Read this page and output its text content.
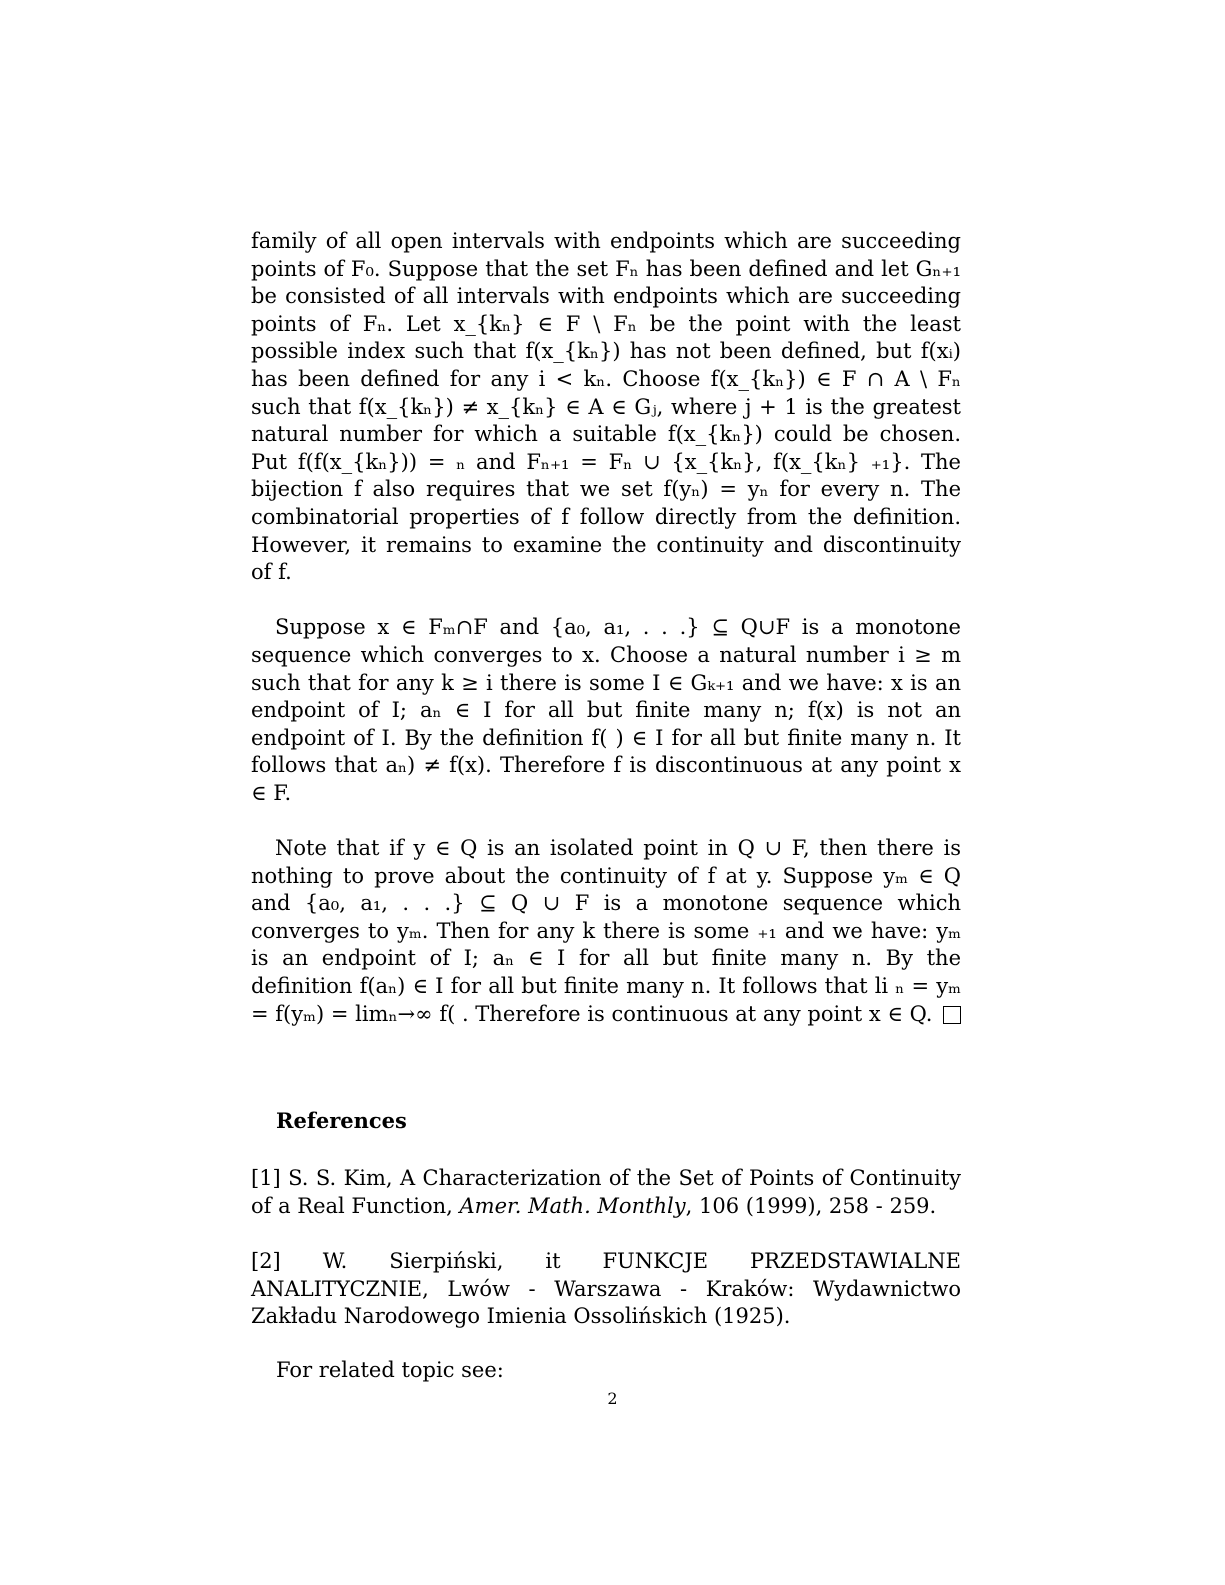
family of all open intervals with endpoints which are succeeding points of F₀. Suppose that the set Fₙ has been defined and let Gₙ₊₁ be consisted of all intervals with endpoints which are succeeding points of Fₙ. Let x_{kₙ} ∈ F \ Fₙ be the point with the least possible index such that f(x_{kₙ}) has not been defined, but f(xᵢ) has been defined for any i < kₙ. Choose f(x_{kₙ}) ∈ F ∩ A \ Fₙ such that f(x_{kₙ}) ≠ x_{kₙ} ∈ A ∈ Gⱼ, where j + 1 is the greatest natural number for which a suitable f(x_{kₙ}) could be chosen. Put f(f(x_{kₙ})) = ₙ and Fₙ₊₁ = Fₙ ∪ {x_{kₙ}, f(x_{kₙ} ₊₁}. The bijection f also requires that we set f(yₙ) = yₙ for every n. The combinatorial properties of f follow directly from the definition. However, it remains to examine the continuity and discontinuity of f.

Suppose x ∈ Fₘ∩F and {a₀, a₁, . . .} ⊆ Q∪F is a monotone sequence which converges to x. Choose a natural number i ≥ m such that for any k ≥ i there is some I ∈ Gₖ₊₁ and we have: x is an endpoint of I; aₙ ∈ I for all but finite many n; f(x) is not an endpoint of I. By the definition f( ) ∈ I for all but finite many n. It follows that aₙ) ≠ f(x). Therefore f is discontinuous at any point x ∈ F.

Note that if y ∈ Q is an isolated point in Q ∪ F, then there is nothing to prove about the continuity of f at y. Suppose yₘ ∈ Q and {a₀, a₁, . . .} ⊆ Q ∪ F is a monotone sequence which converges to yₘ. Then for any k there is some ₊₁ and we have: yₘ is an endpoint of I; aₙ ∈ I for all but finite many n. By the definition f(aₙ) ∈ I for all but finite many n. It follows that li ₙ = yₘ = f(yₘ) = limₙ→∞ f( . Therefore is continuous at any point x ∈ Q.

References
[1] S. S. Kim, A Characterization of the Set of Points of Continuity of a Real Function, Amer. Math. Monthly, 106 (1999), 258 - 259.
[2] W. Sierpiński, it FUNKCJE PRZEDSTAWIALNE ANALITYCZNIE, Lwów - Warszawa - Kraków: Wydawnictwo Zakładu Narodowego Imienia Ossolińskich (1925).
For related topic see:
2
